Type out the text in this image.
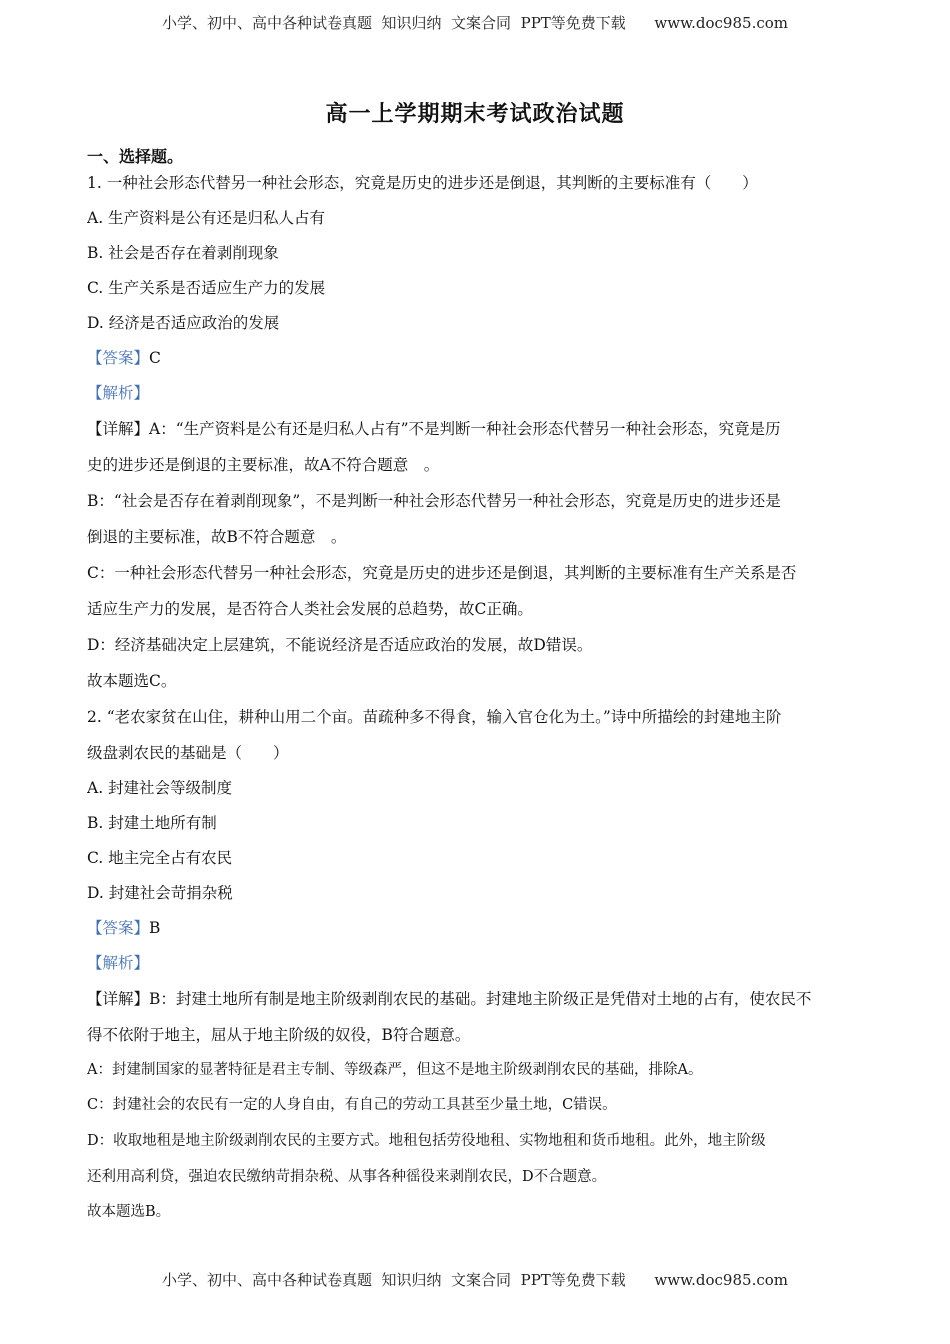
小学、初中、高中各种试卷真题  知识归纳  文案合同  PPT等免费下载      www.doc985.com
高一上学期期末考试政治试题
一、选择题。
1. 一种社会形态代替另一种社会形态，究竟是历史的进步还是倒退，其判断的主要标准有（　　）
A. 生产资料是公有还是归私人占有
B. 社会是否存在着剥削现象
C. 生产关系是否适应生产力的发展
D. 经济是否适应政治的发展
【答案】C
【解析】
【详解】A：“生产资料是公有还是归私人占有”不是判断一种社会形态代替另一种社会形态，究竟是历
史的进步还是倒退的主要标准，故A不符合题意　。
B：“社会是否存在着剥削现象”，不是判断一种社会形态代替另一种社会形态，究竟是历史的进步还是
倒退的主要标准，故B不符合题意　。
C：一种社会形态代替另一种社会形态，究竟是历史的进步还是倒退，其判断的主要标准有生产关系是否
适应生产力的发展，是否符合人类社会发展的总趋势，故C正确。
D：经济基础决定上层建筑，不能说经济是否适应政治的发展，故D错误。
故本题选C。
2. “老农家贫在山住，耕种山用二个亩。苗疏种多不得食，输入官仓化为土。”诗中所描绘的封建地主阶
级盘剥农民的基础是（　　）
A. 封建社会等级制度
B. 封建土地所有制
C. 地主完全占有农民
D. 封建社会苛捐杂税
【答案】B
【解析】
【详解】B：封建土地所有制是地主阶级剥削农民的基础。封建地主阶级正是凭借对土地的占有，使农民不
得不依附于地主，屈从于地主阶级的奴役，B符合题意。
A：封建制国家的显著特征是君主专制、等级森严，但这不是地主阶级剥削农民的基础，排除A。
C：封建社会的农民有一定的人身自由，有自己的劳动工具甚至少量土地，C错误。
D：收取地租是地主阶级剥削农民的主要方式。地租包括劳役地租、实物地租和货币地租。此外，地主阶级
还利用高利贷，强迫农民缴纳苛捐杂税、从事各种徭役来剥削农民，D不合题意。
故本题选B。
小学、初中、高中各种试卷真题  知识归纳  文案合同  PPT等免费下载      www.doc985.com
